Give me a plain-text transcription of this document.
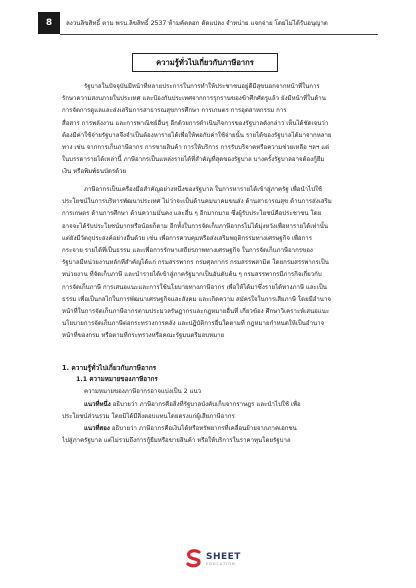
8	ลงวนลิขสิทธิ์ ตาม พรบ.ลิขสิทธิ์ 2537 ห้ามคัดลอก ตัดแปลง จำหน่าย แจกจ่าย โดยไม่ได้รับอนุญาต
ความรู้ทั่วไปเกี่ยวกับภาษีอากร
รัฐบาลในปัจจุบันมีหน้าที่หลายประการในการทำให้ประชาชนอยู่ดีมีสุขนอกจากหน้าที่ในการ
รักษาความสงบภายในประเทศ และป้องกันประเทศจากการรุกรานของข้าศึกศัตรูแล้ว ยังมีหน้าที่ในด้าน
การจัดการดูแลและส่งเสริมการสาธารณสุขการศึกษา การเกษตร การอุตสาหกรรม การ
สื่อสาร การพลังงาน และการพาณิชย์อื่นๆ อีกด้วยการดำเนินกิจการของรัฐบาลดังกล่าว เห็นได้ชัดเจนว่า
ต้องมีค่าใช้จ่ายรัฐบาลจึงจำเป็นต้องหารายได้เพื่อให้พอกับค่าใช้จ่ายนั้น รายได้ของรัฐบาลได้มาจากหลาย
ทาง เช่น จากการเก็บภาษีอากร การขายสินค้า การให้บริการ การรับบริจาคหรือความช่วยเหลือ ฯลฯ แต่
ในบรรดารายได้เหล่านี้ ภาษีอากรเป็นแหล่งรายได้ที่สำคัญที่สุดของรัฐบาล บางครั้งรัฐบาลอาจต้องกู้ยืม
เงิน หรือพิมพ์ธนบัตรด้วย
ภาษีอากรเป็นเครื่องมือสำคัญอย่างหนึ่งของรัฐบาล ในการหารายได้เข้าสู่ภาครัฐ เพื่อนำไปใช้
ประโยชน์ในการบริหารพัฒนาประเทศ ไม่ว่าจะเป็นด้านคมนาคมขนส่ง ด้านสาธารณสุข ด้านการส่งเสริม
การเกษตร ด้านการศึกษา ด้านความมั่นคง และอื่น ๆ อีกมากมาย ซึ่งผู้รับประโยชน์คือประชาชน โดย
อาจจะได้รับประโยชน์มากหรือน้อยก็ตาม อีกทั้งในการจัดเก็บภาษีอากรไม่ได้มุ่งหวังเพื่อหารายได้เท่านั้น
แต่ยังมีวัตถุประสงค์อย่างอื่นด้วย เช่น เพื่อการควบคุมหรือส่งเสริมพฤติกรรมทางเศรษฐกิจ เพื่อการ
กระจาย รายได้ที่เป็นธรรม และเพื่อการรักษาเสถียรภาพทางเศรษฐกิจ ในการจัดเก็บภาษีอากรของ
รัฐบาลมีหน่วยงานหลักที่สำคัญได้แก่ กรมสรรพากร กรมศุลกากร กรมสรรพสามิต โดยกรมสรรพากรเป็น
หน่วยงาน ที่จัดเก็บภาษี และนำรายได้เข้าสู่ภาครัฐมากเป็นอันดับต้น ๆ กรมสรรพากรมีภารกิจเกี่ยวกับ
การจัดเก็บภาษี การเสนอแนะและการใช้นโยบายทางภาษีอากร เพื่อให้ได้มาซึ่งรายได้ทางภาษี และเป็น
ธรรม เพื่อเป็นกลไกในการพัฒนาเศรษฐกิจและสังคม และเกิดความ สมัครใจในการเสียภาษี โดยมีอำนาจ
หน้าที่ในการจัดเก็บภาษีอากรตามประมวลรัษฎากรและกฎหมายอื่นที่ เกี่ยวข้อง ศึกษาวิเคราะห์เสนอแนะ
นโยบายการจัดเก็บภาษีต่อกระทรวงการคลัง และปฏิบัติการอื่นใดตามที่ กฎหมายกำหนดให้เป็นอำนาจ
หน้าที่ของกรม หรือตามที่กระทรวงหรือคณะรัฐมนตรีมอบหมาย
1. ความรู้ทั่วไปเกี่ยวกับภาษีอากร
1.1 ความหมายของภาษีอากร
ความหมายของภาษีอากรอาจแบ่งเป็น 2 แนว
แนวที่หนึ่ง อธิบายว่า ภาษีอากรคือสิ่งที่รัฐบาลบังคับเก็บจากราษฎร และนำไปใช้ เพื่อ
ประโยชน์ส่วนรวม โดยมิได้มีสิ่งตอบแทนโดยตรงแก่ผู้เสียภาษีอากร
แนวที่สอง อธิบายว่า ภาษีอากรคือเงินได้หรือทรัพยากรที่เคลื่อนย้ายจากภาคเอกชน
ไปสู่ภาครัฐบาล แต่ไม่รวมถึงการกู้ยืมหรือขายสินค้า หรือให้บริการในราคาทุนโดยรัฐบาล
SHEET
EDUCATION
